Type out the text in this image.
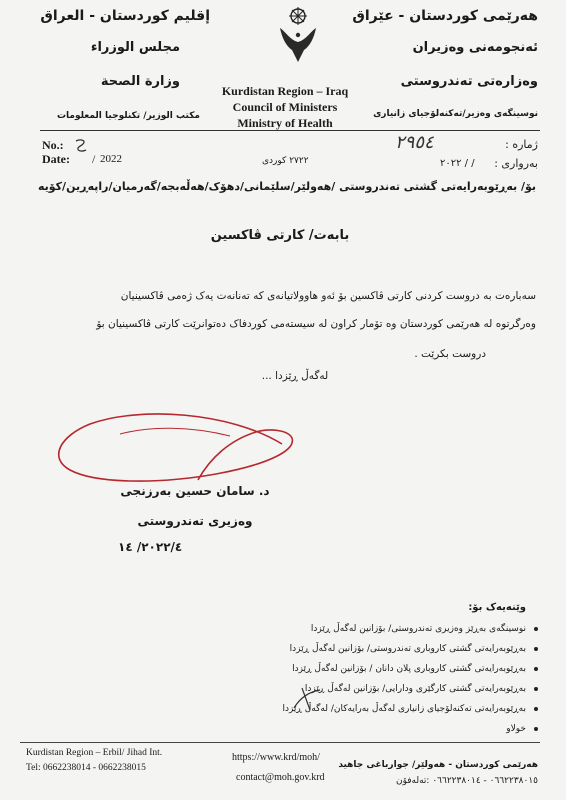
إقليم كوردستان - العراق
مجلس الوزراء
وزارة الصحة
مكتب الوزير/ تكنلوجيا المعلومات
Kurdistan Region – Iraq
Council of Ministers
Ministry of Health
هەرێمی کوردستان - عێراق
ئەنجومەنی وەزیران
وەزارەتی تەندروستی
نوسینگەی وەزیر/تەکنەلۆجیای زانیاری
No.:
Date: / 2022	٢٧٢٢ کوردی
ژمارە :
٢٩٥٤
بەرواری :
٢٠٢٢ / /
بۆ/ بەڕێوبەرایەتی گشتی تەندروستی /هەولێر/سلێمانی/دهۆک/هەڵەبجە/گەرمیان/راپەڕین/کۆیە
بابەت/ کارتی ڤاکسین
سەبارەت بە دروست کردنی کارتی ڤاکسین بۆ ئەو هاوولاتیانەی کە تەنانەت یەک ژەمی ڤاکسینیان
وەرگرتوە لە هەرێمی کوردستان وە تۆمار کراون لە سیستەمی کوردفاک دەتوانرێت کارتی ڤاکسینیان بۆ
دروست بکرێت .
لەگەڵ ڕێزدا ...
د. سامان حسین بەرزنجی
وەزیری تەندروستی
٢٠٢٢/٤/ ١٤
وێنەیەک بۆ:
نوسینگەی بەڕێز وەزیری تەندروستی/ بۆزانین لەگەڵ ڕێزدا
بەڕێوبەرایەتی گشتی کاروباری تەندروستی/ بۆزانین لەگەڵ ڕێزدا
بەڕێوبەرایەتی گشتی کاروباری پلان دانان / بۆزانین لەگەڵ ڕێزدا
بەڕێوبەرایەتی گشتی کارگێری ودارایی/ بۆزانین لەگەڵ ڕێزدا
بەڕێوبەرایەتی تەکنەلۆجیای زانیاری لەگەڵ بەرایەکان/ لەگەڵ ڕێزدا
خولاو
Kurdistan Region – Erbil/ Jihad Int.
Tel: 0662238014 - 0662238015
https://www.krd/moh/
contact@moh.gov.krd
هەرێمی کوردستان - هەولێر/ جوارباغی جاهید
٠٦٦٢٢٣٨٠١٥ - ٠٦٦٢٢٣٨٠١٤ :تەلەفۆن
